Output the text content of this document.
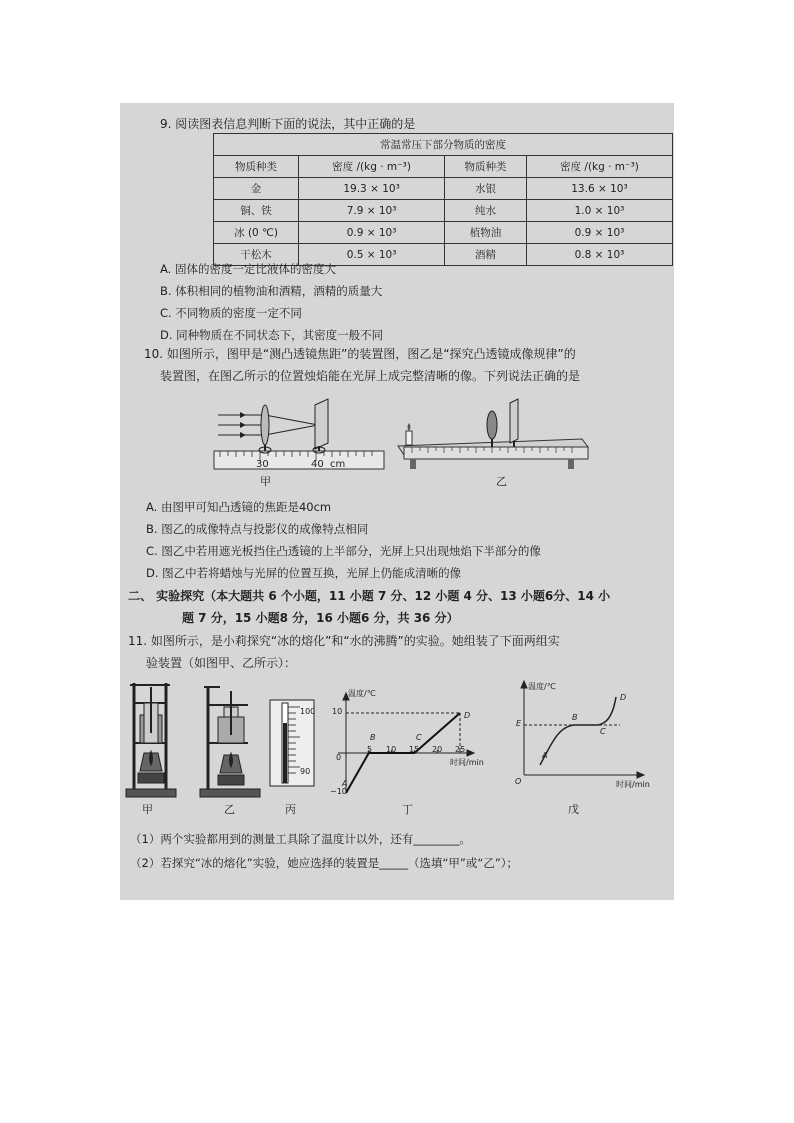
9. 阅读图表信息判断下面的说法，其中正确的是
常温常压下部分物质的密度			
物质种类	密度 /(kg · m⁻³)	物质种类	密度 /(kg · m⁻³)
金	19.3 × 10³	水银	13.6 × 10³
铜、铁	7.9 × 10³	纯水	1.0 × 10³
冰 (0 ℃)	0.9 × 10³	植物油	0.9 × 10³
干松木	0.5 × 10³	酒精	0.8 × 10³
A. 固体的密度一定比液体的密度大
B. 体积相同的植物油和酒精，酒精的质量大
C. 不同物质的密度一定不同
D. 同种物质在不同状态下，其密度一般不同
10. 如图所示，图甲是“测凸透镜焦距”的装置图，图乙是“探究凸透镜成像规律”的
装置图，在图乙所示的位置烛焰能在光屏上成完整清晰的像。下列说法正确的是
30	40 cm
甲	乙
A. 由图甲可知凸透镜的焦距是40cm
B. 图乙的成像特点与投影仪的成像特点相同
C. 图乙中若用遮光板挡住凸透镜的上半部分，光屏上只出现烛焰下半部分的像
D. 图乙中若将蜡烛与光屏的位置互换，光屏上仍能成清晰的像
二、 实验探究（本大题共 6 个小题，11 小题 7 分、12 小题 4 分、13 小题6分、14 小
题 7 分，15 小题8 分，16 小题6 分，共 36 分）
11. 如图所示，是小莉探究“冰的熔化”和“水的沸腾”的实验。她组装了下面两组实
验装置（如图甲、乙所示）：
温度/℃
时间/min
10
0
−10
5 10 15 20 25
A
B	C
D
温度/℃
时间/min
O
A
B
C
D
E
甲	乙	丙	丁	戊
100
90
（1）两个实验都用到的测量工具除了温度计以外，还有________。
（2）若探究“冰的熔化”实验，她应选择的装置是_____（选填“甲”或“乙”）；
